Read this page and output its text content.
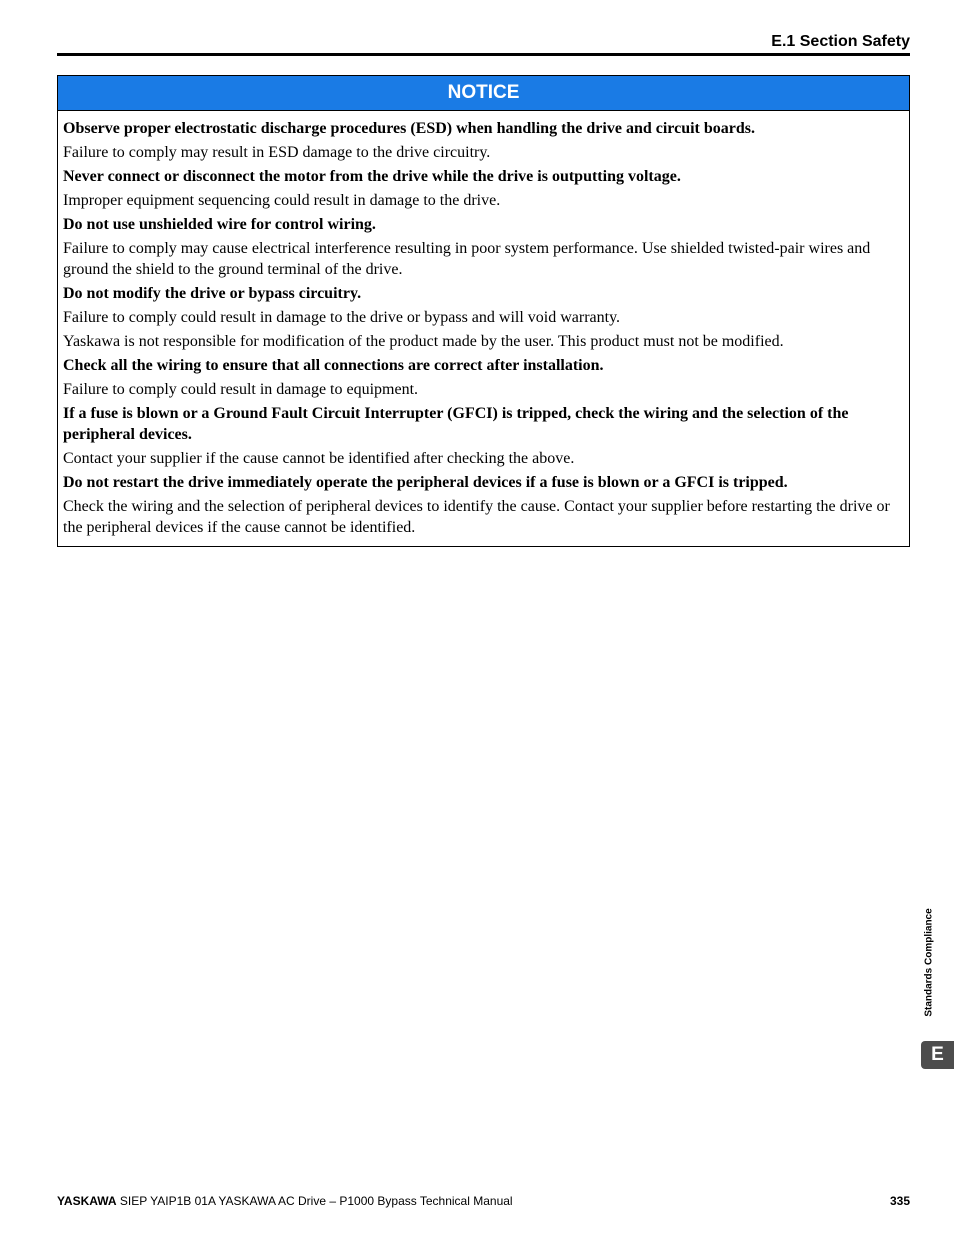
E.1 Section Safety
NOTICE

Observe proper electrostatic discharge procedures (ESD) when handling the drive and circuit boards.

Failure to comply may result in ESD damage to the drive circuitry.

Never connect or disconnect the motor from the drive while the drive is outputting voltage.

Improper equipment sequencing could result in damage to the drive.

Do not use unshielded wire for control wiring.

Failure to comply may cause electrical interference resulting in poor system performance. Use shielded twisted-pair wires and ground the shield to the ground terminal of the drive.

Do not modify the drive or bypass circuitry.

Failure to comply could result in damage to the drive or bypass and will void warranty.

Yaskawa is not responsible for modification of the product made by the user. This product must not be modified.

Check all the wiring to ensure that all connections are correct after installation.

Failure to comply could result in damage to equipment.

If a fuse is blown or a Ground Fault Circuit Interrupter (GFCI) is tripped, check the wiring and the selection of the peripheral devices.

Contact your supplier if the cause cannot be identified after checking the above.

Do not restart the drive immediately operate the peripheral devices if a fuse is blown or a GFCI is tripped.

Check the wiring and the selection of peripheral devices to identify the cause. Contact your supplier before restarting the drive or the peripheral devices if the cause cannot be identified.

Standards Compliance
E
YASKAWA SIEP YAIP1B 01A YASKAWA AC Drive – P1000 Bypass Technical Manual	335
